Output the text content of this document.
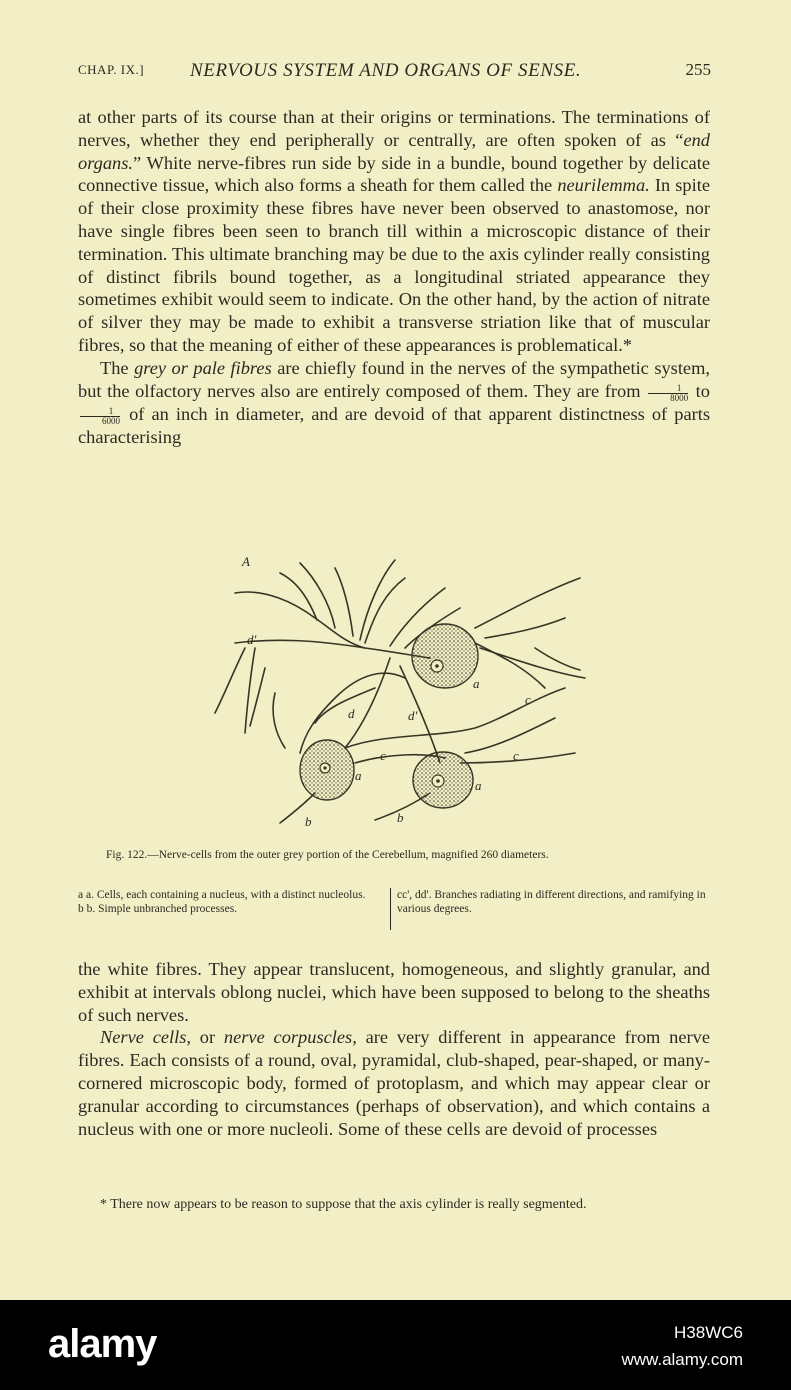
CHAP. IX.] NERVOUS SYSTEM AND ORGANS OF SENSE.	255

at other parts of its course than at their origins or terminations. The terminations of nerves, whether they end peripherally or centrally, are often spoken of as “end organs.” White nerve-fibres run side by side in a bundle, bound together by delicate connective tissue, which also forms a sheath for them called the neurilemma. In spite of their close proximity these fibres have never been observed to anastomose, nor have single fibres been seen to branch till within a microscopic distance of their termination. This ultimate branching may be due to the axis cylinder really consisting of distinct fibrils bound together, as a longitudinal striated appearance they sometimes exhibit would seem to indicate. On the other hand, by the action of nitrate of silver they may be made to exhibit a transverse striation like that of muscular fibres, so that the meaning of either of these appearances is problematical.*

The grey or pale fibres are chiefly found in the nerves of the sympathetic system, but the olfactory nerves also are entirely composed of them. They are from $\frac{1}{8000}$ to
$\frac{1}{6000}$ of an inch in diameter, and are devoid of that apparent distinctness of parts characterising

A
d'
a
c
d	d'
c	c
a
a
b	b
Fig. 122.—Nerve-cells from the outer grey portion of the Cerebellum, magnified 260 diameters.
a a. Cells, each containing a nucleus, with a distinct nucleolus.
b b. Simple unbranched processes.
cc', dd'. Branches radiating in different directions, and ramifying in various degrees.

the white fibres. They appear translucent, homogeneous, and slightly granular, and exhibit at intervals oblong nuclei, which have been supposed to belong to the sheaths of such nerves.

Nerve cells, or nerve corpuscles, are very different in appearance from nerve fibres. Each consists of a round, oval, pyramidal, club-shaped, pear-shaped, or many-cornered microscopic body, formed of protoplasm, and which may appear clear or granular according to circumstances (perhaps of observation), and which contains a nucleus with one or more nucleoli. Some of these cells are devoid of processes

* There now appears to be reason to suppose that the axis cylinder is really segmented.
alamy	H38WC6
www.alamy.com
